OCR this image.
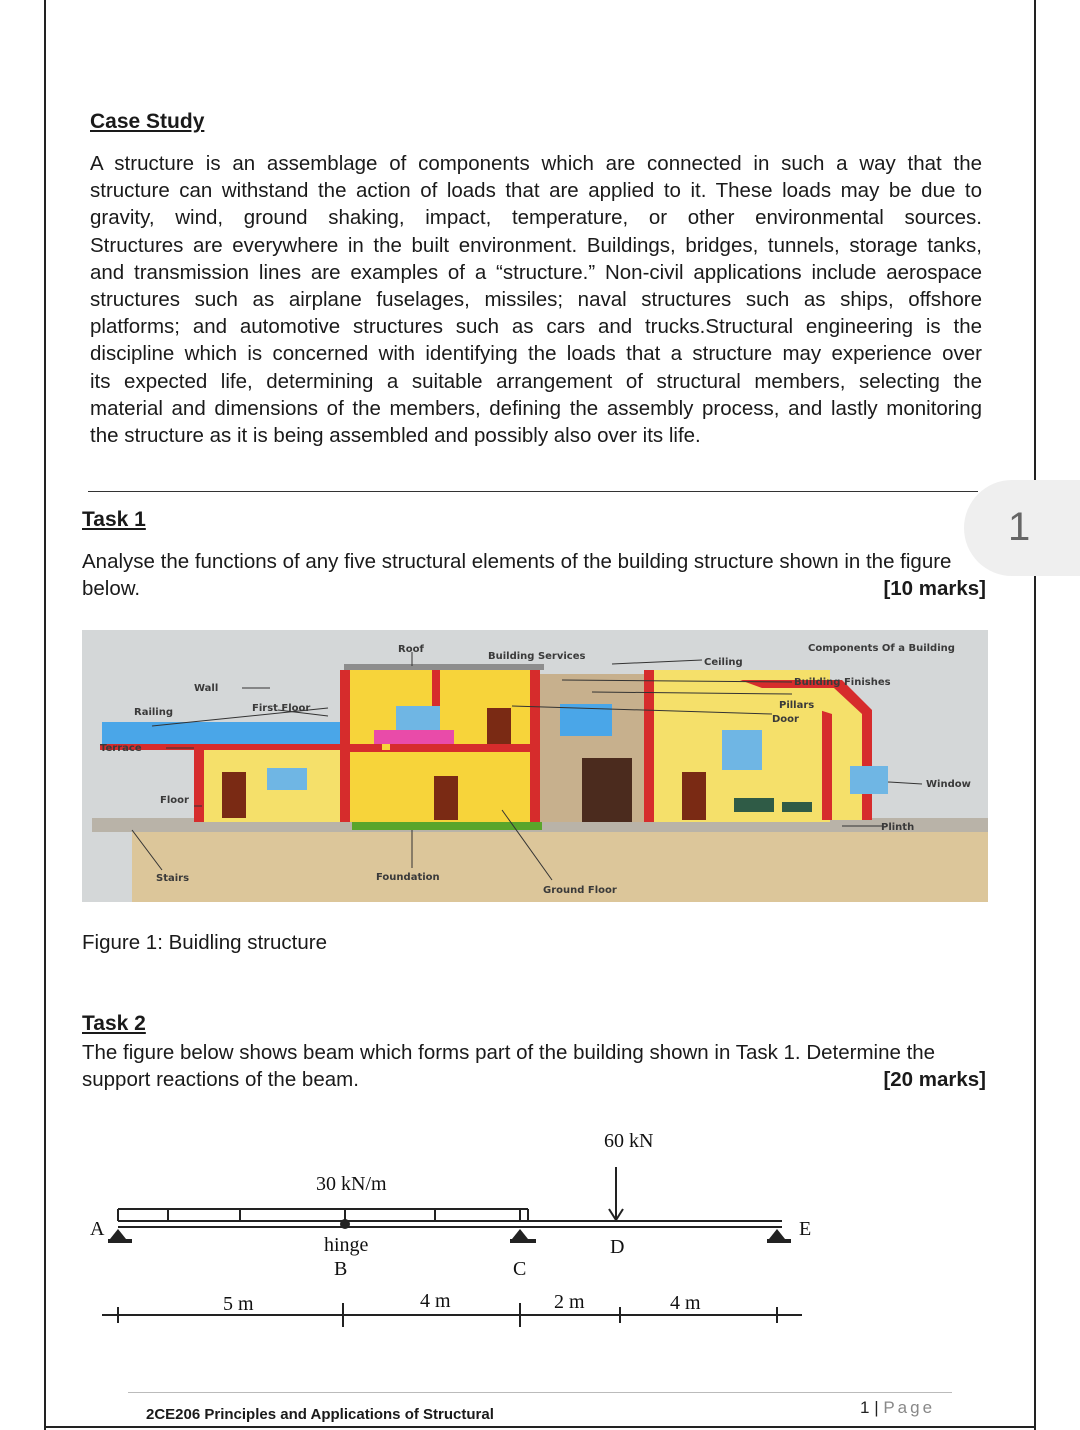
Case Study
A structure is an assemblage of components which are connected in such a way that the
structure can withstand the action of loads that are applied to it. These loads may be due to
gravity, wind, ground shaking, impact, temperature, or other environmental sources.
Structures are everywhere in the built environment. Buildings, bridges, tunnels, storage tanks,
and transmission lines are examples of a “structure.” Non-civil applications include aerospace
structures such as airplane fuselages, missiles; naval structures such as ships, offshore
platforms; and automotive structures such as cars and trucks.Structural engineering is the
discipline which is concerned with identifying the loads that a structure may experience over
its expected life, determining a suitable arrangement of structural members, selecting the
material and dimensions of the members, defining the assembly process, and lastly monitoring
the structure as it is being assembled and possibly also over its life.
1
Task 1
Analyse the functions of any five structural elements of the building structure shown in the figure
below.	[10 marks]
Components Of a Building
Roof
Building Services
Ceiling
Building Finishes
Pillars
Door
Wall
First Floor
Railing
Terrace
Floor
Window
Plinth
Stairs	Foundation
Ground Floor
Figure 1: Buidling structure
Task 2
The figure below shows beam which forms part of the building shown in Task 1. Determine the
support reactions of the beam.	[20 marks]
30 kN/m
60 kN
A
hinge
B	C
D
E
5 m	4 m	2 m	4 m
2CE206 Principles and Applications of Structural	1 | Page
